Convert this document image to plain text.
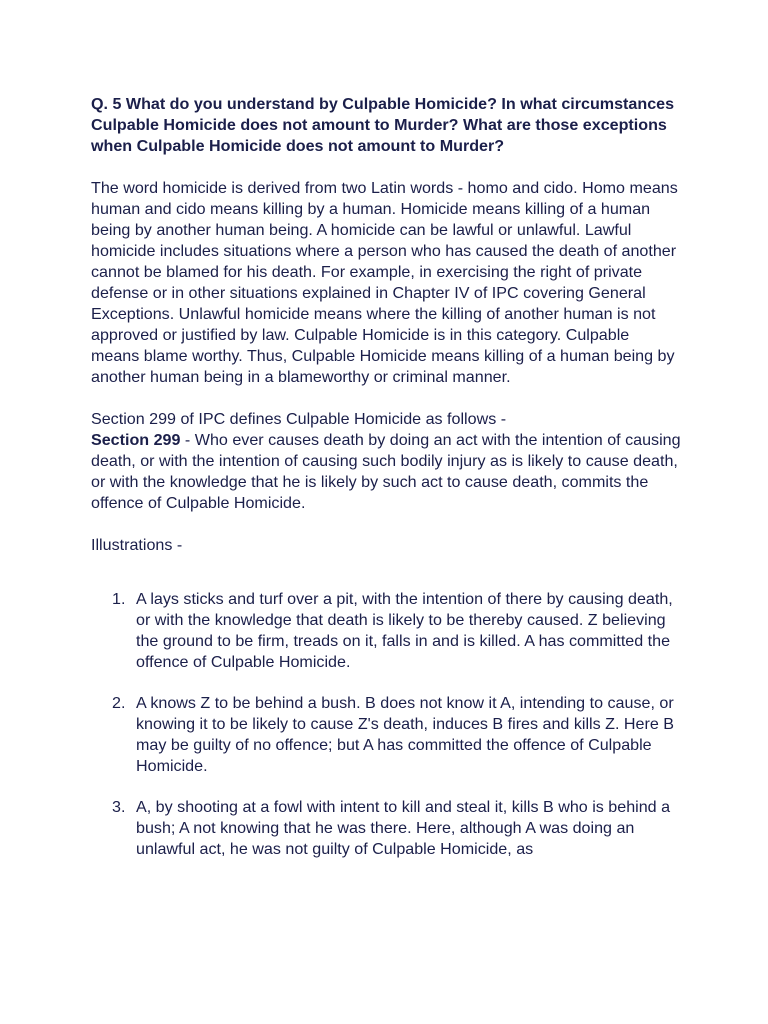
Q. 5 What do you understand by Culpable Homicide? In what circumstances Culpable Homicide does not amount to Murder? What are those exceptions when Culpable Homicide does not amount to Murder?

The word homicide is derived from two Latin words - homo and cido. Homo means human and cido means killing by a human. Homicide means killing of a human being by another human being. A homicide can be lawful or unlawful. Lawful homicide includes situations where a person who has caused the death of another cannot be blamed for his death. For example, in exercising the right of private defense or in other situations explained in Chapter IV of IPC covering General Exceptions. Unlawful homicide means where the killing of another human is not approved or justified by law. Culpable Homicide is in this category. Culpable means blame worthy. Thus, Culpable Homicide means killing of a human being by another human being in a blameworthy or criminal manner.

Section 299 of IPC defines Culpable Homicide as follows -
Section 299 - Who ever causes death by doing an act with the intention of causing death, or with the intention of causing such bodily injury as is likely to cause death, or with the knowledge that he is likely by such act to cause death, commits the offence of Culpable Homicide.
Illustrations -
1. A lays sticks and turf over a pit, with the intention of there by causing death, or with the knowledge that death is likely to be thereby caused. Z believing the ground to be firm, treads on it, falls in and is killed. A has committed the offence of Culpable Homicide.
2. A knows Z to be behind a bush. B does not know it A, intending to cause, or knowing it to be likely to cause Z's death, induces B fires and kills Z. Here B may be guilty of no offence; but A has committed the offence of Culpable Homicide.
3. A, by shooting at a fowl with intent to kill and steal it, kills B who is behind a bush; A not knowing that he was there. Here, although A was doing an unlawful act, he was not guilty of Culpable Homicide, as
